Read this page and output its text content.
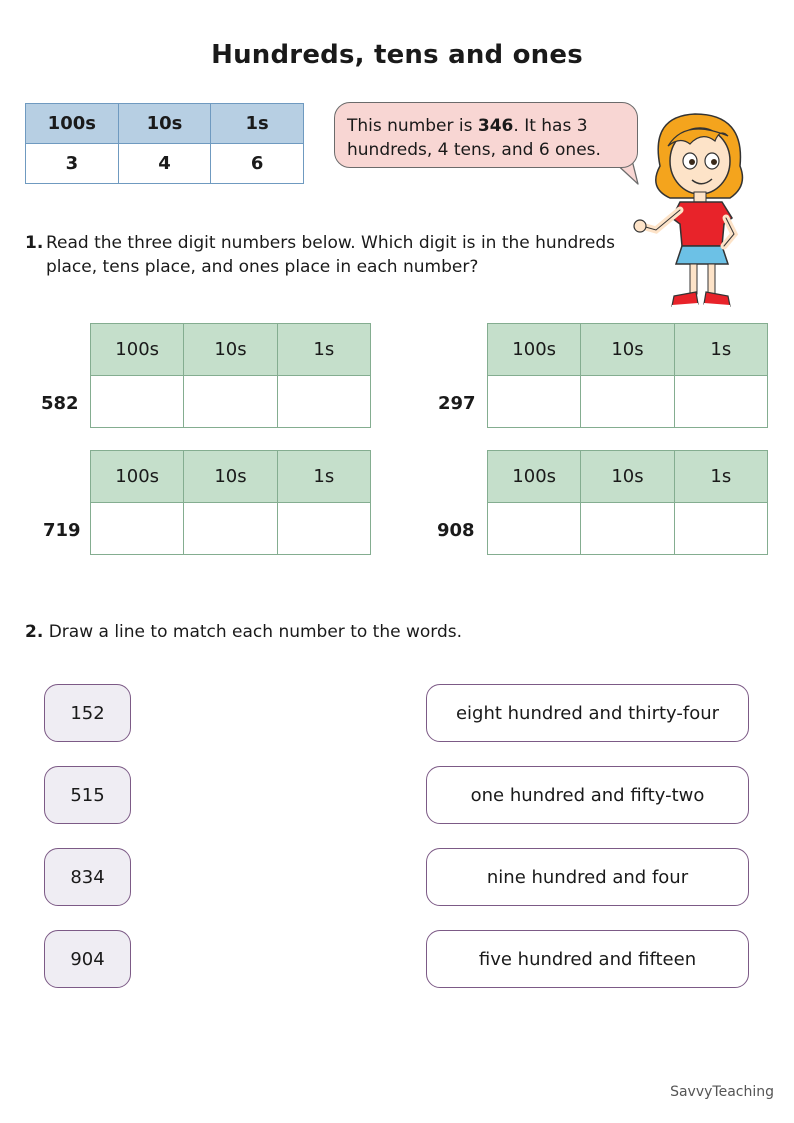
Hundreds, tens and ones
100s	10s	1s
3	4	6
This number is 346. It has 3 hundreds, 4 tens, and 6 ones.
1. Read the three digit numbers below. Which digit is in the hundreds place, tens place, and ones place in each number?
582
100s	10s	1s

297
100s	10s	1s

719
100s	10s	1s

908
100s	10s	1s

2. Draw a line to match each number to the words.
152
515
834
904
eight hundred and thirty-four
one hundred and fifty-two
nine hundred and four
five hundred and fifteen
SavvyTeaching
